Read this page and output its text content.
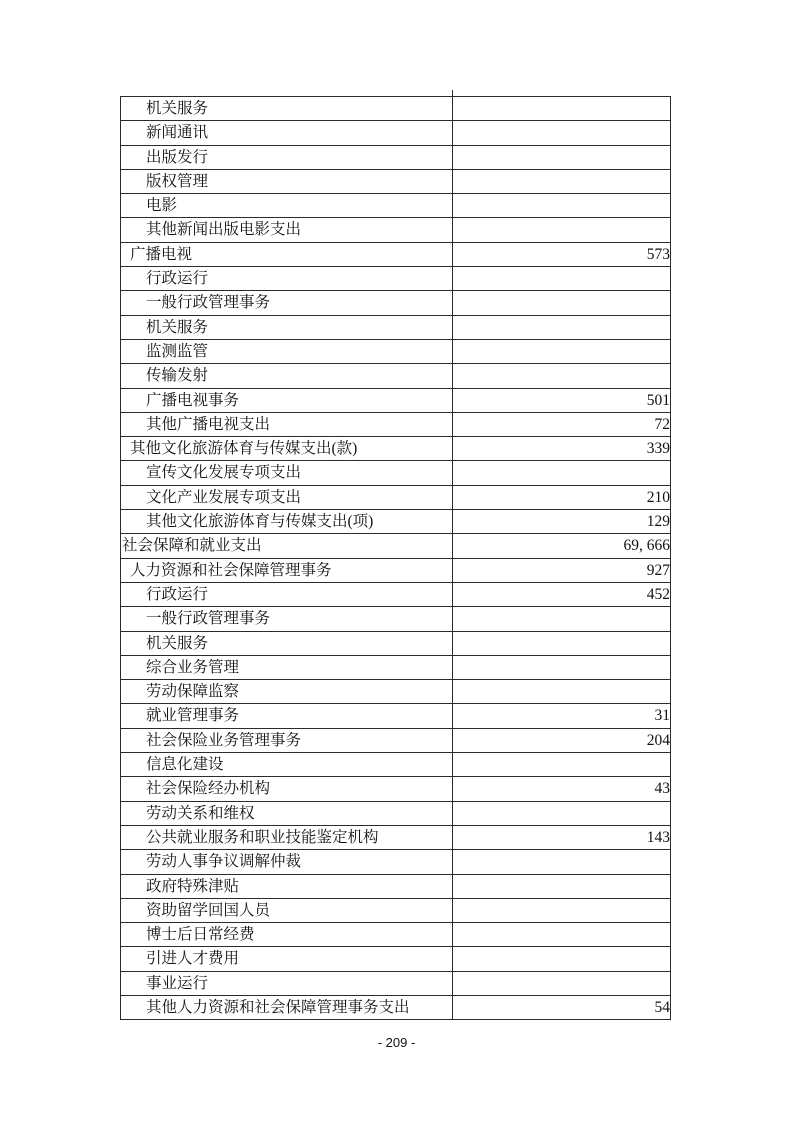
机关服务	
新闻通讯	
出版发行	
版权管理	
电影	
其他新闻出版电影支出	
广播电视	573
行政运行	
一般行政管理事务	
机关服务	
监测监管	
传输发射	
广播电视事务	501
其他广播电视支出	72
其他文化旅游体育与传媒支出(款)	339
宣传文化发展专项支出	
文化产业发展专项支出	210
其他文化旅游体育与传媒支出(项)	129
社会保障和就业支出	69, 666
人力资源和社会保障管理事务	927
行政运行	452
一般行政管理事务	
机关服务	
综合业务管理	
劳动保障监察	
就业管理事务	31
社会保险业务管理事务	204
信息化建设	
社会保险经办机构	43
劳动关系和维权	
公共就业服务和职业技能鉴定机构	143
劳动人事争议调解仲裁	
政府特殊津贴	
资助留学回国人员	
博士后日常经费	
引进人才费用	
事业运行	
其他人力资源和社会保障管理事务支出	54
- 209 -
